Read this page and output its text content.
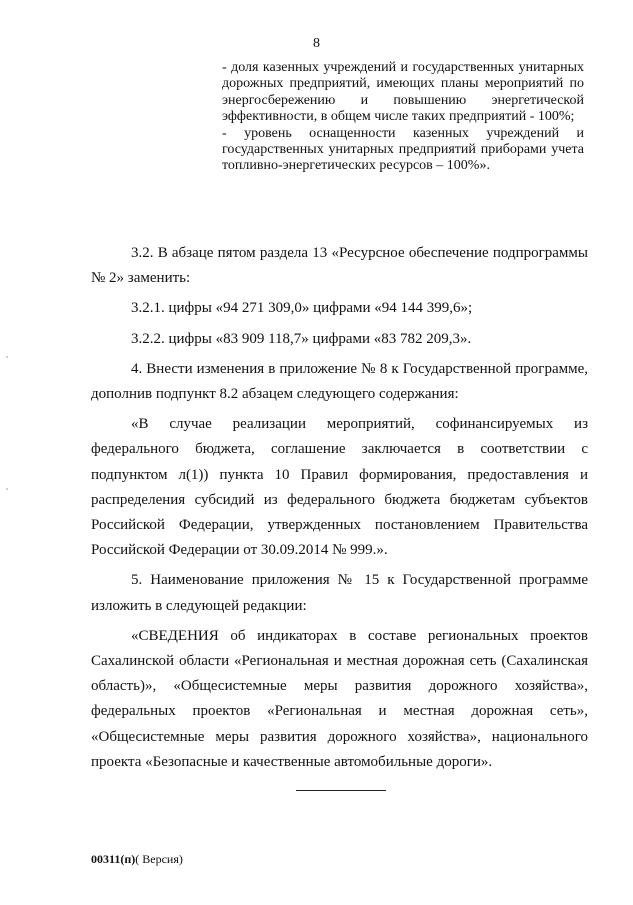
8
- доля казенных учреждений и государственных унитарных дорожных предприятий, имеющих планы мероприятий по энергосбережению и повышению энергетической эффективности, в общем числе таких предприятий - 100%;
- уровень оснащенности казенных учреждений и государственных унитарных предприятий приборами учета топливно-энергетических ресурсов – 100%».

3.2. В абзаце пятом раздела 13 «Ресурсное обеспечение подпрограммы № 2» заменить:

3.2.1. цифры «94 271 309,0» цифрами «94 144 399,6»;

3.2.2. цифры «83 909 118,7» цифрами «83 782 209,3».

4. Внести изменения в приложение № 8 к Государственной программе, дополнив подпункт 8.2 абзацем следующего содержания:

«В случае реализации мероприятий, софинансируемых из федерального бюджета, соглашение заключается в соответствии с подпунктом л(1)) пункта 10 Правил формирования, предоставления и распределения субсидий из федерального бюджета бюджетам субъектов Российской Федерации, утвержденных постановлением Правительства Российской Федерации от 30.09.2014 № 999.».

5. Наименование приложения № 15 к Государственной программе изложить в следующей редакции:

«СВЕДЕНИЯ об индикаторах в составе региональных проектов Сахалинской области «Региональная и местная дорожная сеть (Сахалинская область)», «Общесистемные меры развития дорожного хозяйства», федеральных проектов «Региональная и местная дорожная сеть», «Общесистемные меры развития дорожного хозяйства», национального проекта «Безопасные и качественные автомобильные дороги».

00311(п)( Версия)
